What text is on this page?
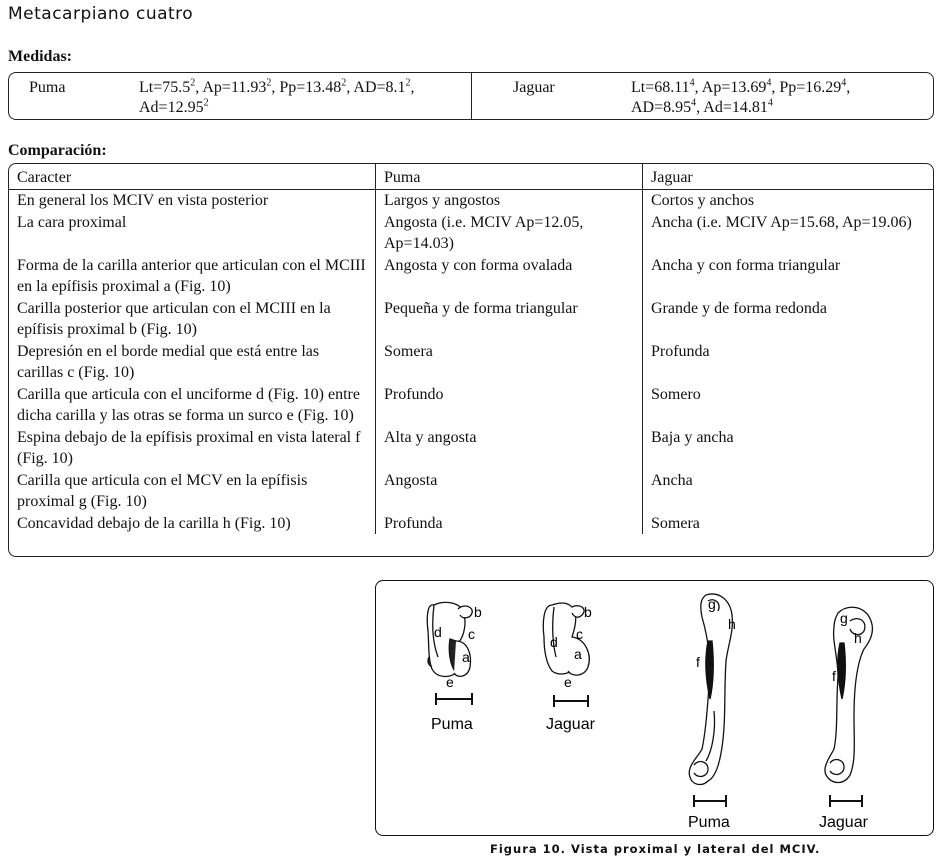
Metacarpiano cuatro
Medidas:
Puma	$Lt=75.5^2$, $Ap=11.93^2$, $Pp=13.48^2$, $AD=8.1^2$,
$Ad=12.95^2$
Jaguar	$Lt=68.11^4$, $Ap=13.69^4$, $Pp=16.29^4$,
$AD=8.95^4$, $Ad=14.81^4$
Comparación:
Caracter	Puma	Jaguar
En general los MCIV en vista posterior	Largos y angostos	Cortos y anchos
La cara proximal	Angosta (i.e. MCIV Ap=12.05, Ap=14.03)	Ancha (i.e. MCIV Ap=15.68, Ap=19.06)
Forma de la carilla anterior que articulan con el MCIII en la epífisis proximal a (Fig. 10)	Angosta y con forma ovalada	Ancha y con forma triangular
Carilla posterior que articulan con el MCIII en la epífisis proximal b (Fig. 10)	Pequeña y de forma triangular	Grande y de forma redonda
Depresión en el borde medial que está entre las carillas c (Fig. 10)	Somera	Profunda
Carilla que articula con el unciforme d (Fig. 10) entre dicha carilla y las otras se forma un surco e (Fig. 10)	Profundo	Somero
Espina debajo de la epífisis proximal en vista lateral f (Fig. 10)	Alta y angosta	Baja y ancha
Carilla que articula con el MCV en la epífisis proximal g (Fig. 10)	Angosta	Ancha
Concavidad debajo de la carilla h (Fig. 10)	Profunda	Somera
d
b
c
a
e
Puma
d
b
c
a
e
Jaguar
g
h
f
Puma
g
h
f
Jaguar
Figura 10. Vista proximal y lateral del MCIV.
